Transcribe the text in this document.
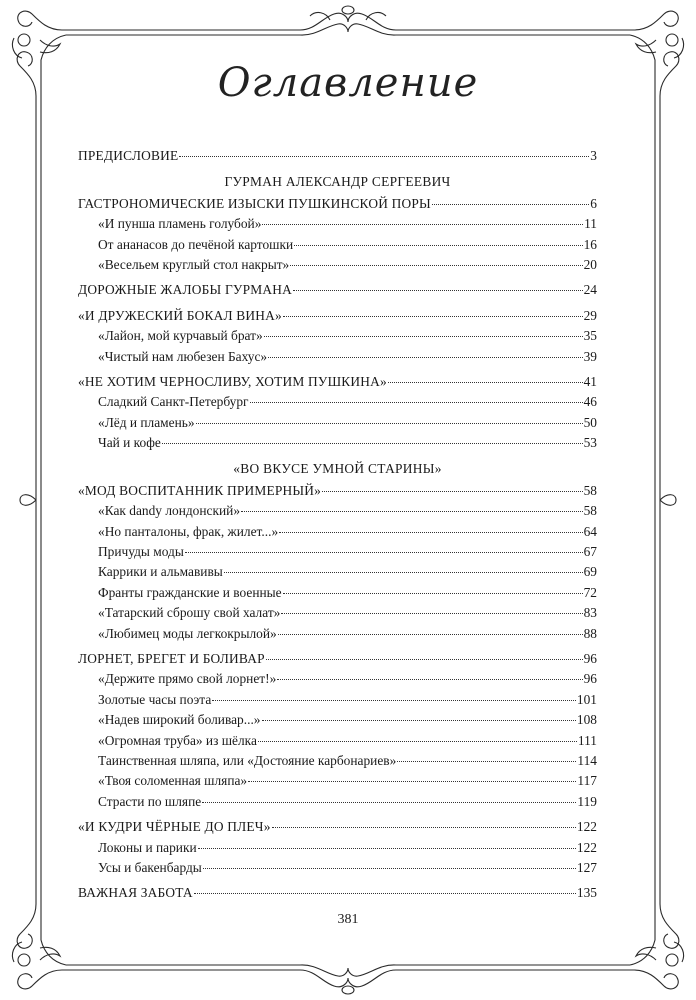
Оглавление
ПРЕДИСЛОВИЕ	3
ГУРМАН АЛЕКСАНДР СЕРГЕЕВИЧ
ГАСТРОНОМИЧЕСКИЕ ИЗЫСКИ ПУШКИНСКОЙ ПОРЫ	6
«И пунша пламень голубой»	11
От ананасов до печёной картошки	16
«Весельем круглый стол накрыт»	20
ДОРОЖНЫЕ ЖАЛОБЫ ГУРМАНА	24
«И ДРУЖЕСКИЙ БОКАЛ ВИНА»	29
«Лайон, мой курчавый брат»	35
«Чистый нам любезен Бахус»	39
«НЕ ХОТИМ ЧЕРНОСЛИВУ, ХОТИМ ПУШКИНА»	41
Сладкий Санкт-Петербург	46
«Лёд и пламень»	50
Чай и кофе	53
«ВО ВКУСЕ УМНОЙ СТАРИНЫ»
«МОД ВОСПИТАННИК ПРИМЕРНЫЙ»	58
«Как dandy лондонский»	58
«Но панталоны, фрак, жилет...»	64
Причуды моды	67
Каррики и альмавивы	69
Франты гражданские и военные	72
«Татарский сброшу свой халат»	83
«Любимец моды легкокрылой»	88
ЛОРНЕТ, БРЕГЕТ И БОЛИВАР	96
«Держите прямо свой лорнет!»	96
Золотые часы поэта	101
«Надев широкий боливар...»	108
«Огромная труба» из шёлка	111
Таинственная шляпа, или «Достояние карбонариев»	114
«Твоя соломенная шляпа»	117
Страсти по шляпе	119
«И КУДРИ ЧЁРНЫЕ ДО ПЛЕЧ»	122
Локоны и парики	122
Усы и бакенбарды	127
ВАЖНАЯ ЗАБОТА	135
381
